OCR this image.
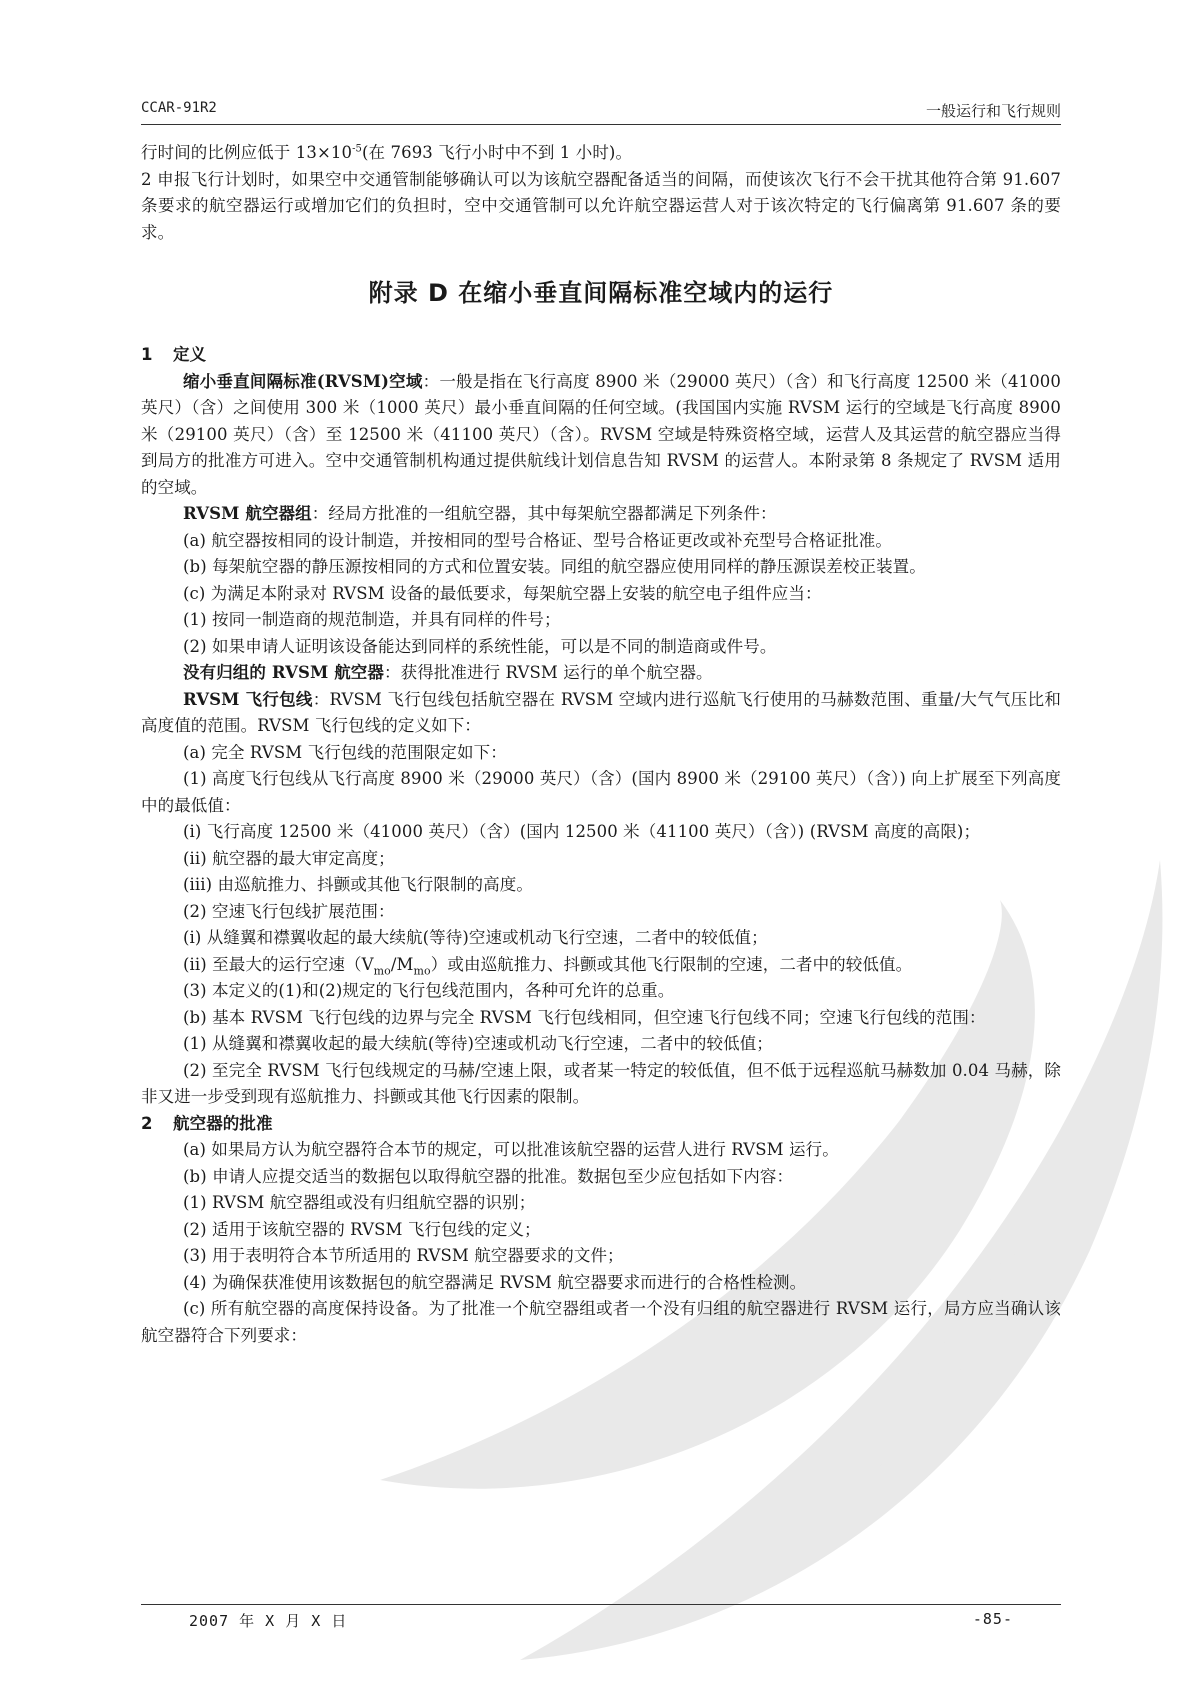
CCAR-91R2	一般运行和飞行规则

行时间的比例应低于 $13\times 10^{-5}$(在 7693 飞行小时中不到 1 小时)。

2 申报飞行计划时，如果空中交通管制能够确认可以为该航空器配备适当的间隔，而使该次飞行不会干扰其他符合第 91.607 条要求的航空器运行或增加它们的负担时，空中交通管制可以允许航空器运营人对于该次特定的飞行偏离第 91.607 条的要求。

附录 D 在缩小垂直间隔标准空域内的运行

1 定义

缩小垂直间隔标准(RVSM)空域：一般是指在飞行高度 8900 米（29000 英尺）（含）和飞行高度 12500 米（41000 英尺）（含）之间使用 300 米（1000 英尺）最小垂直间隔的任何空域。(我国国内实施 RVSM 运行的空域是飞行高度 8900 米（29100 英尺）（含）至 12500 米（41100 英尺）（含）。RVSM 空域是特殊资格空域，运营人及其运营的航空器应当得到局方的批准方可进入。空中交通管制机构通过提供航线计划信息告知 RVSM 的运营人。本附录第 8 条规定了 RVSM 适用的空域。

RVSM 航空器组：经局方批准的一组航空器，其中每架航空器都满足下列条件：

(a) 航空器按相同的设计制造，并按相同的型号合格证、型号合格证更改或补充型号合格证批准。

(b) 每架航空器的静压源按相同的方式和位置安装。同组的航空器应使用同样的静压源误差校正装置。

(c) 为满足本附录对 RVSM 设备的最低要求，每架航空器上安装的航空电子组件应当：

(1) 按同一制造商的规范制造，并具有同样的件号；

(2) 如果申请人证明该设备能达到同样的系统性能，可以是不同的制造商或件号。

没有归组的 RVSM 航空器：获得批准进行 RVSM 运行的单个航空器。

RVSM 飞行包线：RVSM 飞行包线包括航空器在 RVSM 空域内进行巡航飞行使用的马赫数范围、重量/大气气压比和高度值的范围。RVSM 飞行包线的定义如下：

(a) 完全 RVSM 飞行包线的范围限定如下：

(1) 高度飞行包线从飞行高度 8900 米（29000 英尺）（含）(国内 8900 米（29100 英尺）（含）) 向上扩展至下列高度中的最低值：

(i) 飞行高度 12500 米（41000 英尺）（含）(国内 12500 米（41100 英尺）（含）) (RVSM 高度的高限)；

(ii) 航空器的最大审定高度；

(iii) 由巡航推力、抖颤或其他飞行限制的高度。

(2) 空速飞行包线扩展范围：

(i) 从缝翼和襟翼收起的最大续航(等待)空速或机动飞行空速，二者中的较低值；

(ii) 至最大的运行空速$(V_{mo}/M_{mo})$或由巡航推力、抖颤或其他飞行限制的空速，二者中的较低值。

(3) 本定义的(1)和(2)规定的飞行包线范围内，各种可允许的总重。

(b) 基本 RVSM 飞行包线的边界与完全 RVSM 飞行包线相同，但空速飞行包线不同；空速飞行包线的范围：

(1) 从缝翼和襟翼收起的最大续航(等待)空速或机动飞行空速，二者中的较低值；

(2) 至完全 RVSM 飞行包线规定的马赫/空速上限，或者某一特定的较低值，但不低于远程巡航马赫数加 0.04 马赫，除非又进一步受到现有巡航推力、抖颤或其他飞行因素的限制。

2 航空器的批准

(a) 如果局方认为航空器符合本节的规定，可以批准该航空器的运营人进行 RVSM 运行。

(b) 申请人应提交适当的数据包以取得航空器的批准。数据包至少应包括如下内容：

(1) RVSM 航空器组或没有归组航空器的识别；

(2) 适用于该航空器的 RVSM 飞行包线的定义；

(3) 用于表明符合本节所适用的 RVSM 航空器要求的文件；

(4) 为确保获准使用该数据包的航空器满足 RVSM 航空器要求而进行的合格性检测。

(c) 所有航空器的高度保持设备。为了批准一个航空器组或者一个没有归组的航空器进行 RVSM 运行，局方应当确认该航空器符合下列要求：

2007 年 X 月 X 日	-85-
